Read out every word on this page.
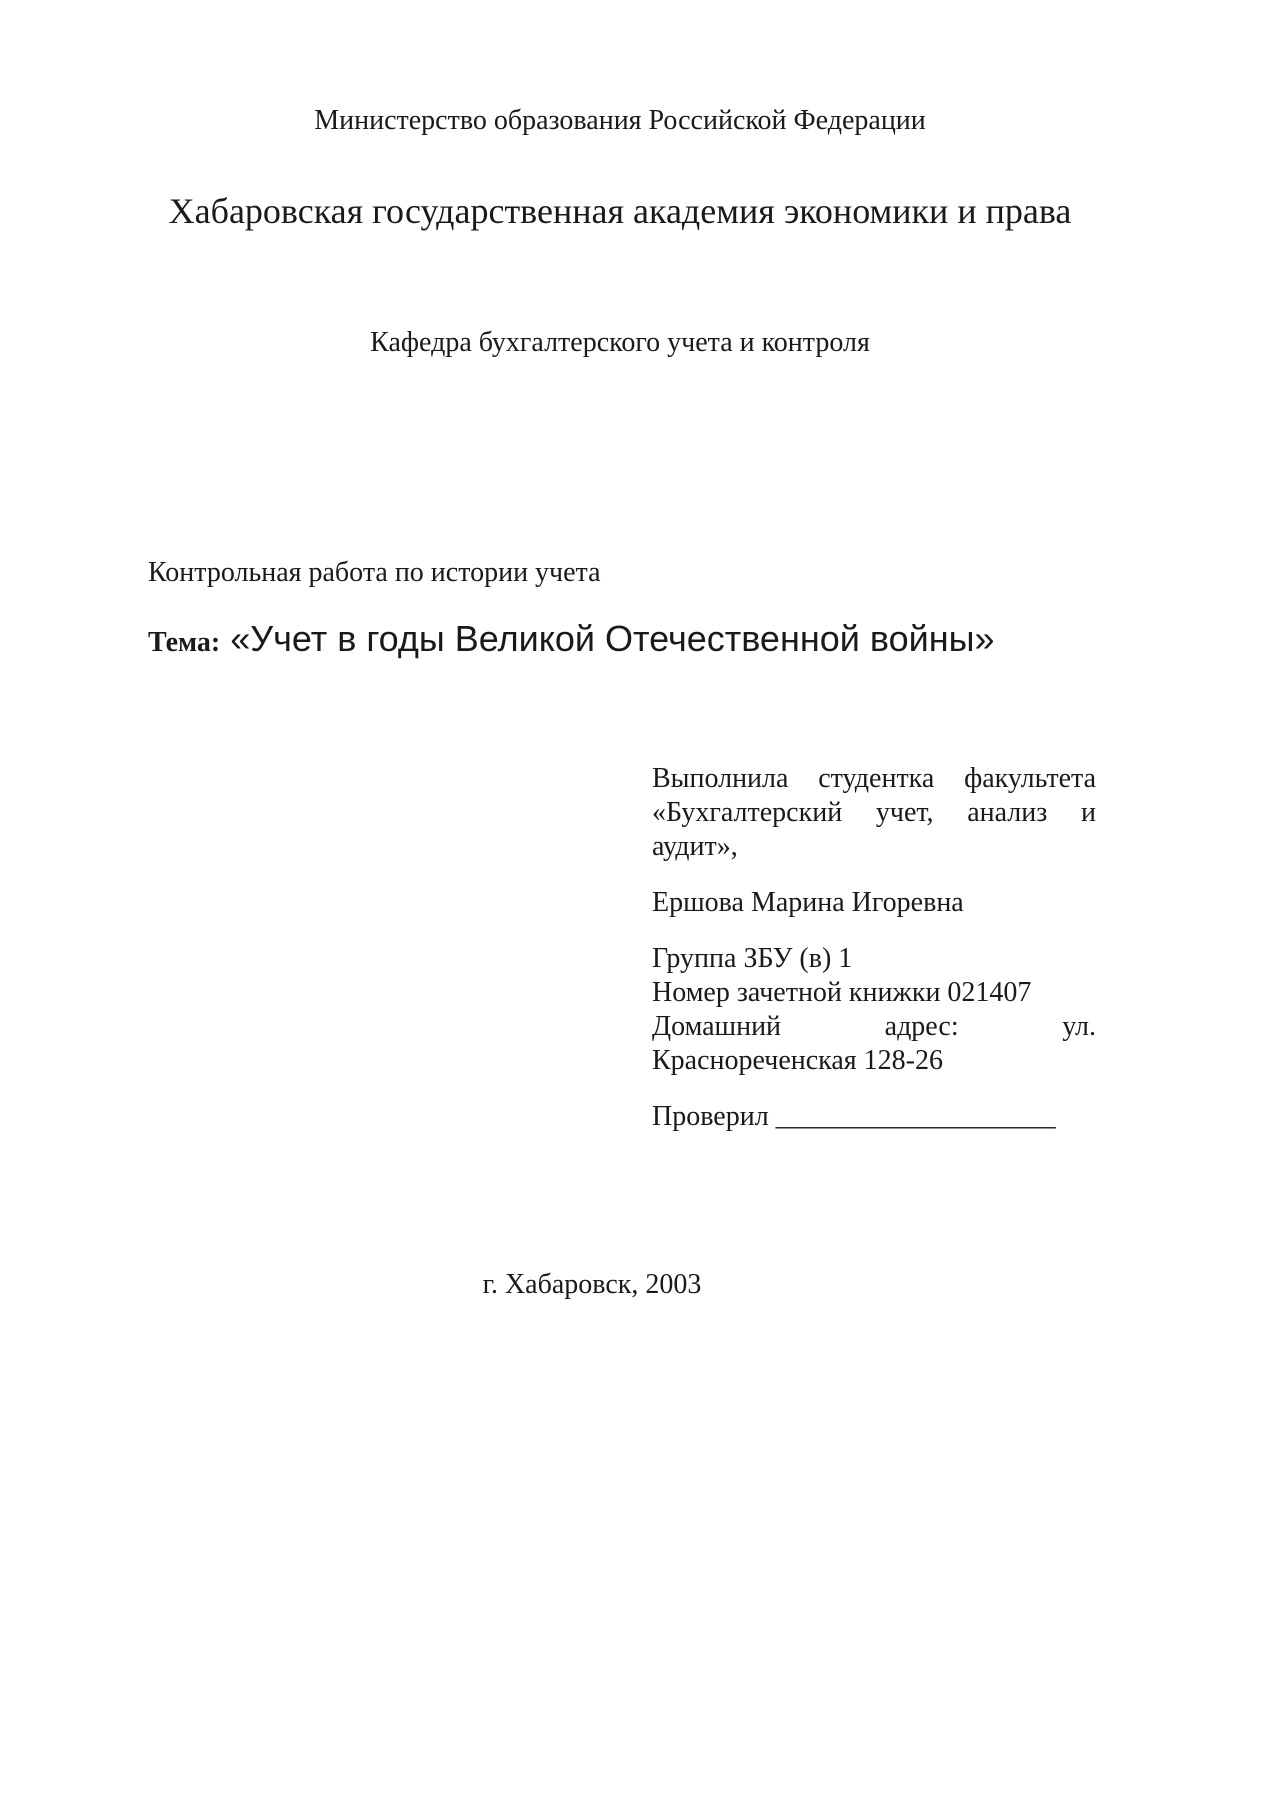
Министерство образования Российской Федерации
Хабаровская государственная академия экономики и права
Кафедра бухгалтерского учета и контроля
Контрольная работа по истории учета
Тема: «Учет в годы Великой Отечественной войны»

Выполнила студентка факультета «Бухгалтерский учет, анализ и аудит»,

Ершова Марина Игоревна

Группа ЗБУ (в) 1
Номер зачетной книжки 021407
Домашний адрес: ул.
Красноречeнская 128-26
Проверил ____________________
г. Хабаровск, 2003
